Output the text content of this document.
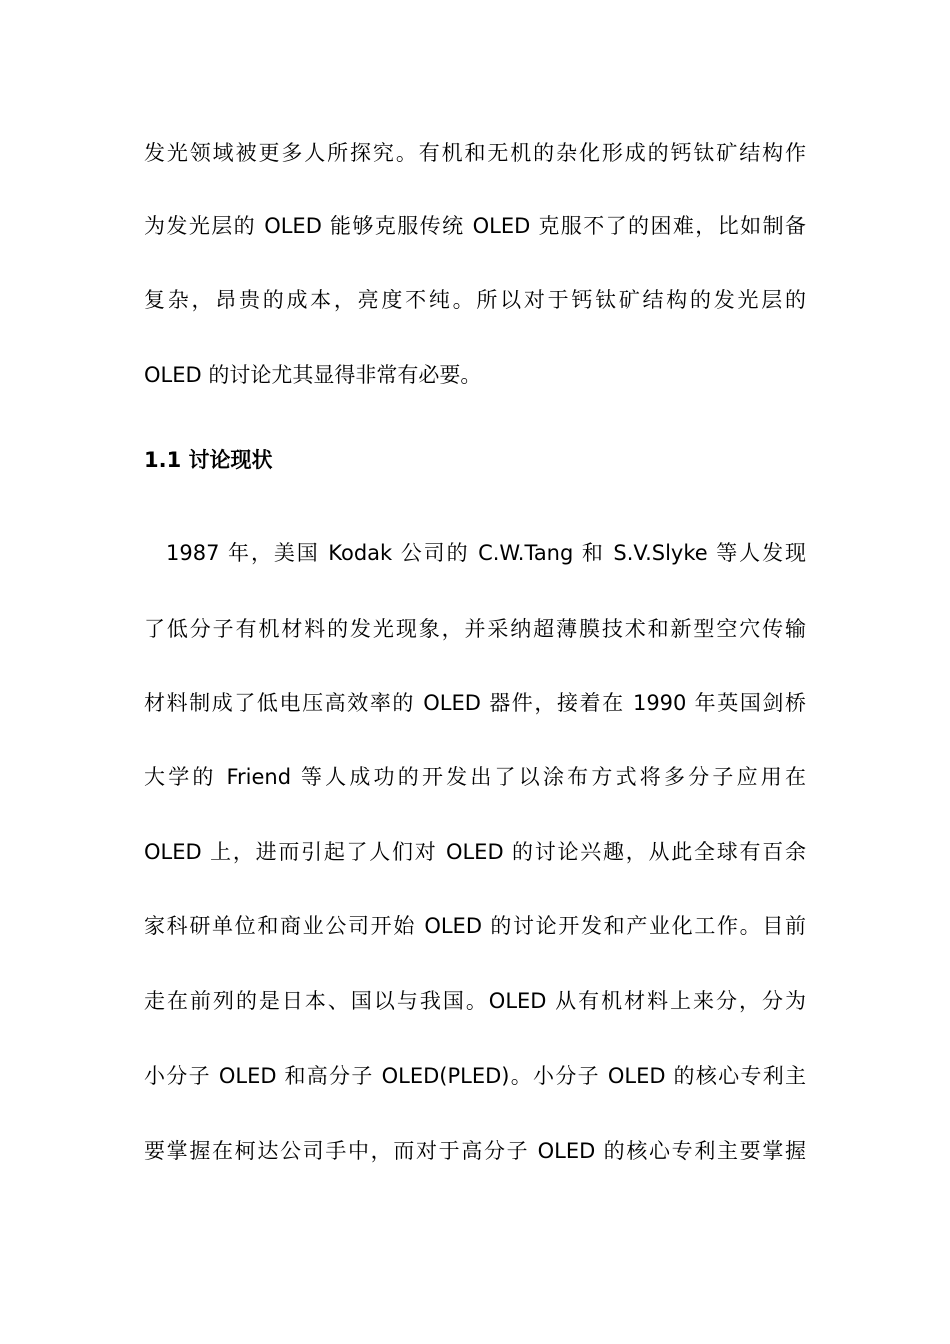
发光领域被更多人所探究。有机和无机的杂化形成的钙钛矿结构作
为发光层的 OLED 能够克服传统 OLED 克服不了的困难，比如制备
复杂，昂贵的成本，亮度不纯。所以对于钙钛矿结构的发光层的
OLED 的讨论尤其显得非常有必要。
1.1 讨论现状
1987 年，美国 Kodak 公司的 C.W.Tang 和 S.V.Slyke 等人发现
了低分子有机材料的发光现象，并采纳超薄膜技术和新型空穴传输
材料制成了低电压高效率的 OLED 器件，接着在 1990 年英国剑桥
大学的 Friend 等人成功的开发出了以涂布方式将多分子应用在
OLED 上，进而引起了人们对 OLED 的讨论兴趣，从此全球有百余
家科研单位和商业公司开始 OLED 的讨论开发和产业化工作。目前
走在前列的是日本、国以与我国。OLED 从有机材料上来分，分为
小分子 OLED 和高分子 OLED(PLED)。小分子 OLED 的核心专利主
要掌握在柯达公司手中，而对于高分子 OLED 的核心专利主要掌握
